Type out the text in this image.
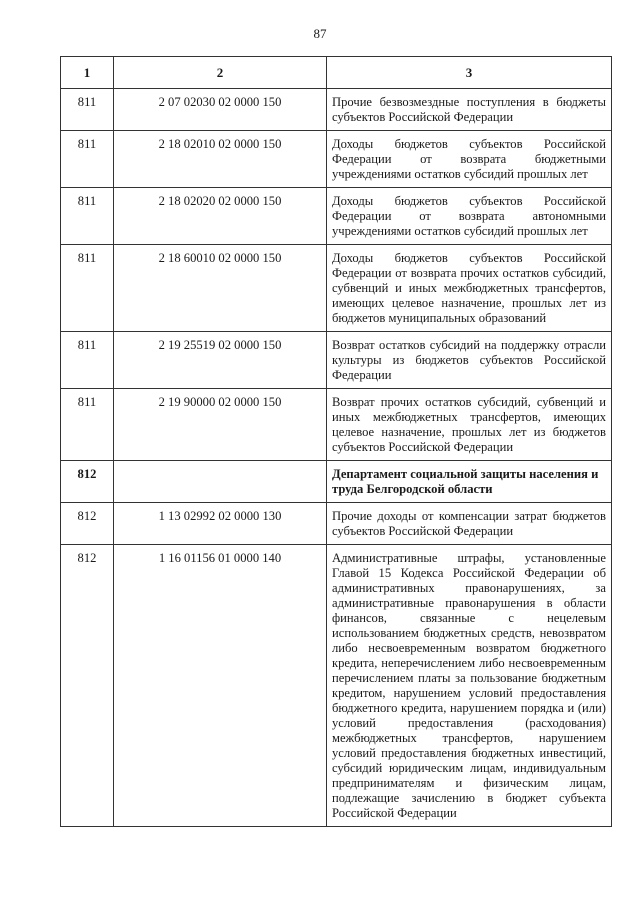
87
1	2	3
811	2 07 02030 02 0000 150	Прочие безвозмездные поступления в бюджеты субъектов Российской Федерации
811	2 18 02010 02 0000 150	Доходы бюджетов субъектов Российской Федерации от возврата бюджетными учреждениями остатков субсидий прошлых лет
811	2 18 02020 02 0000 150	Доходы бюджетов субъектов Российской Федерации от возврата автономными учреждениями остатков субсидий прошлых лет
811	2 18 60010 02 0000 150	Доходы бюджетов субъектов Российской Федерации от возврата прочих остатков субсидий, субвенций и иных межбюджетных трансфертов, имеющих целевое назначение, прошлых лет из бюджетов муниципальных образований
811	2 19 25519 02 0000 150	Возврат остатков субсидий на поддержку отрасли культуры из бюджетов субъектов Российской Федерации
811	2 19 90000 02 0000 150	Возврат прочих остатков субсидий, субвенций и иных межбюджетных трансфертов, имеющих целевое назначение, прошлых лет из бюджетов субъектов Российской Федерации
812		Департамент социальной защиты населения и труда Белгородской области
812	1 13 02992 02 0000 130	Прочие доходы от компенсации затрат бюджетов субъектов Российской Федерации
812	1 16 01156 01 0000 140	Административные штрафы, установленные Главой 15 Кодекса Российской Федерации об административных правонарушениях, за административные правонарушения в области финансов, связанные с нецелевым использованием бюджетных средств, невозвратом либо несвоевременным возвратом бюджетного кредита, неперечислением либо несвоевременным перечислением платы за пользование бюджетным кредитом, нарушением условий предоставления бюджетного кредита, нарушением порядка и (или) условий предоставления (расходования) межбюджетных трансфертов, нарушением условий предоставления бюджетных инвестиций, субсидий юридическим лицам, индивидуальным предпринимателям и физическим лицам, подлежащие зачислению в бюджет субъекта Российской Федерации
